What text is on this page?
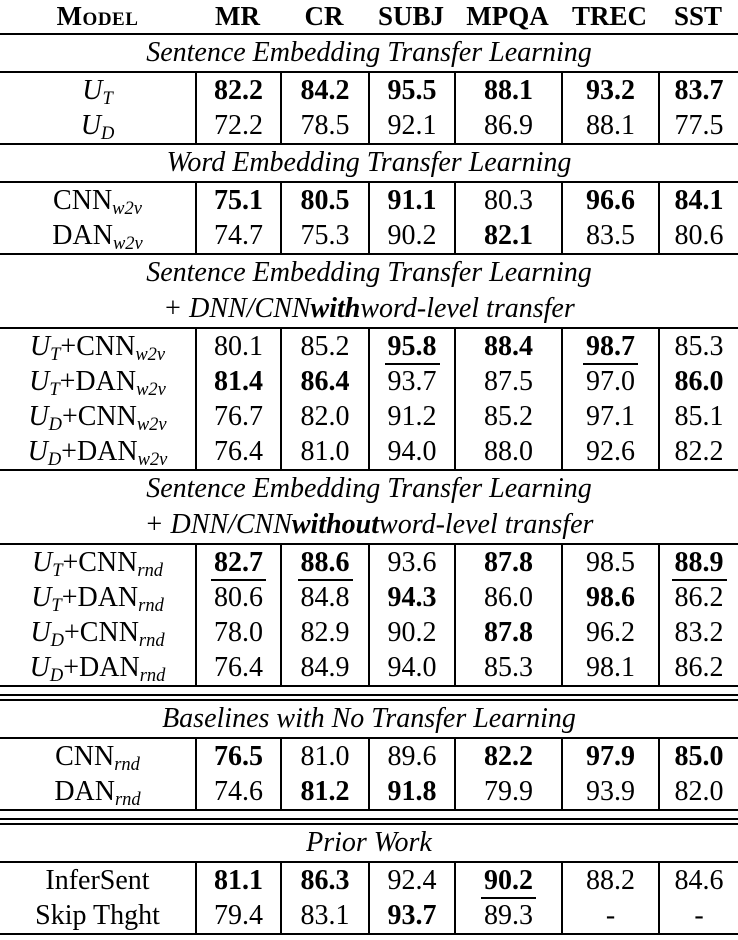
Model	MR	CR	SUBJ MPQA TREC SST
Sentence Embedding Transfer Learning
UT	82.2 84.2 95.5 88.1 93.2 83.7
UD	72.2 78.5 92.1 86.9 88.1 77.5
Word Embedding Transfer Learning
CNNw2v	75.1 80.5 91.1 80.3 96.6 84.1
DANw2v	74.7 75.3 90.2 82.1 83.5 80.6
Sentence Embedding Transfer Learning
+ DNN/CNN with word-level transfer
UT+CNNw2v 80.1 85.2 95.8 88.4 98.7 85.3
UT+DANw2v 81.4 86.4 93.7 87.5 97.0 86.0
UD+CNNw2v 76.7 82.0 91.2 85.2 97.1 85.1
UD+DANw2v 76.4 81.0 94.0 88.0 92.6 82.2
Sentence Embedding Transfer Learning
+ DNN/CNN without word-level transfer
UT+CNNrnd 82.7 88.6 93.6 87.8 98.5 88.9
UT+DANrnd 80.6 84.8 94.3 86.0 98.6 86.2
UD+CNNrnd 78.0 82.9 90.2 87.8 96.2 83.2
UD+DANrnd 76.4 84.9 94.0 85.3 98.1 86.2
Baselines with No Transfer Learning
CNNrnd	76.5 81.0 89.6 82.2 97.9 85.0
DANrnd	74.6 81.2 91.8 79.9 93.9 82.0
Prior Work
InferSent 81.1 86.3 92.4 90.2 88.2 84.6
Skip Thght 79.4 83.1 93.7 89.3	-	-
